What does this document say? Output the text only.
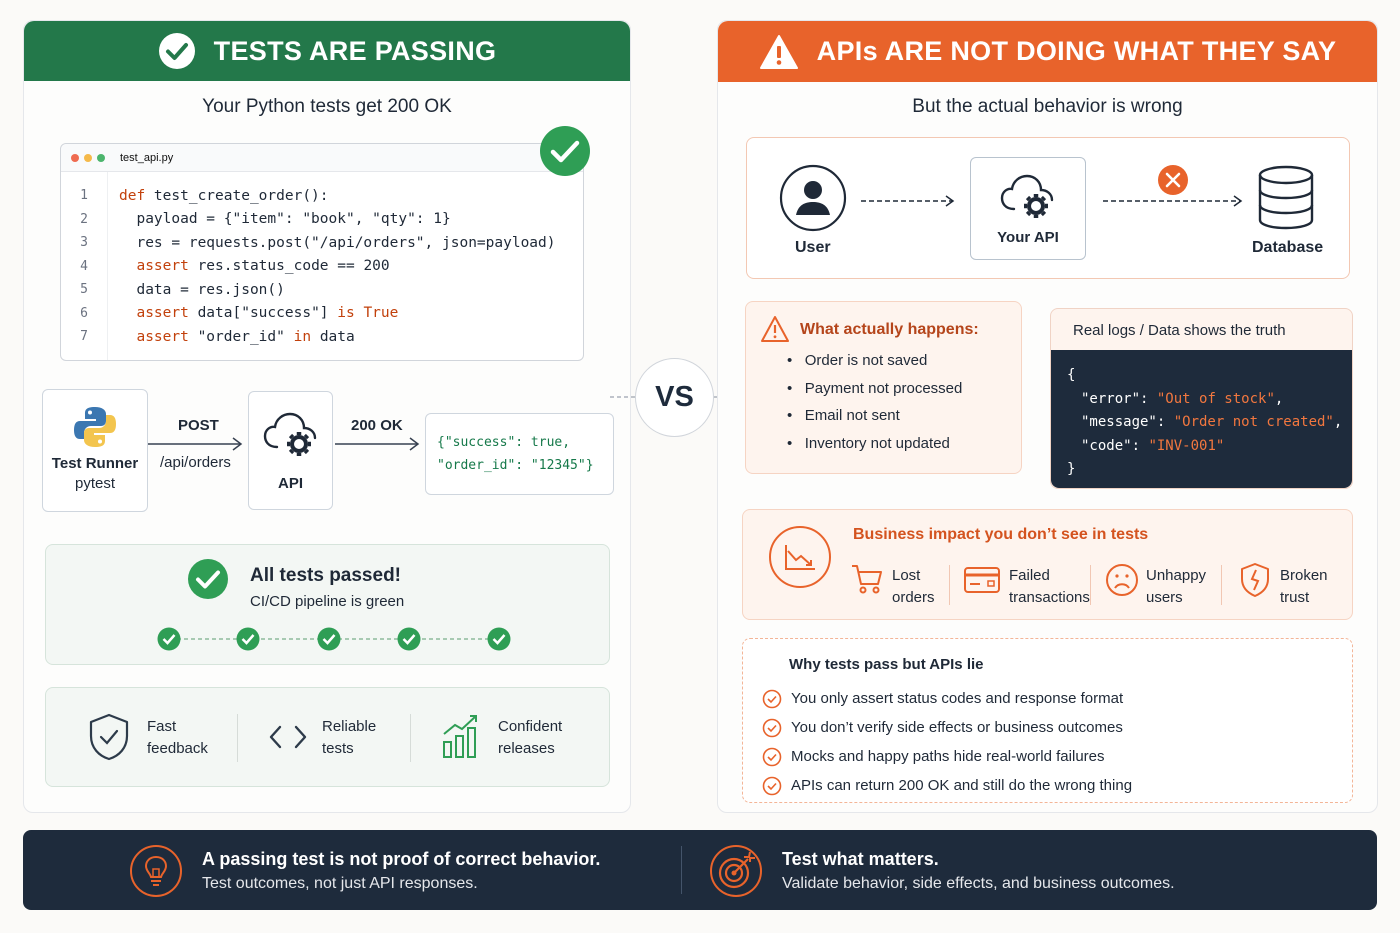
TESTS ARE PASSING
Your Python tests get 200 OK
test_api.py
1	def test_create_order():
2	payload = {"item": "book", "qty": 1}
3	res = requests.post("/api/orders", json=payload)
4	assert res.status_code == 200
5	data = res.json()
6	assert data["success"] is True
7	assert "order_id" in data
Test Runner
pytest
POST
/api/orders
API
200 OK
{"success": true,
"order_id": "12345"}
All tests passed!
CI/CD pipeline is green
Fast
feedback
Reliable
tests
Confident
releases
VS
APIs ARE NOT DOING WHAT THEY SAY
But the actual behavior is wrong
User
Your API
Database
What actually happens:
•   Order is not saved
•   Payment not processed
•   Email not sent
•   Inventory not updated
Real logs / Data shows the truth
{
"error": "Out of stock",
"message": "Order not created",
"code": "INV-001"
}
Business impact you don’t see in tests
Lost
orders
Failed
transactions
Unhappy
users
Broken
trust
Why tests pass but APIs lie
You only assert status codes and response format
You don’t verify side effects or business outcomes
Mocks and happy paths hide real-world failures
APIs can return 200 OK and still do the wrong thing
A passing test is not proof of correct behavior.
Test outcomes, not just API responses.
Test what matters.
Validate behavior, side effects, and business outcomes.
